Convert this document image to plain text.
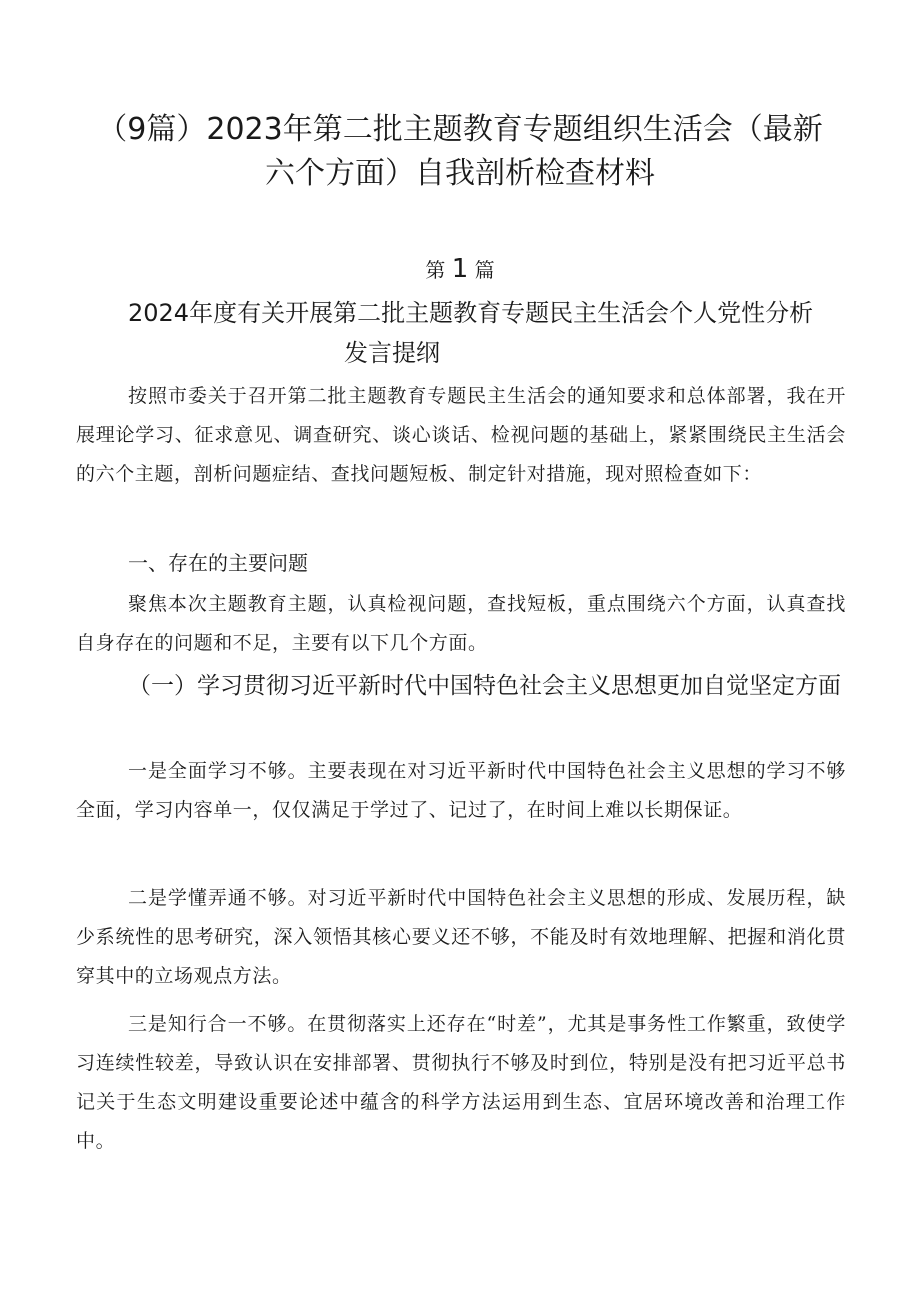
（9篇）2023年第二批主题教育专题组织生活会（最新
六个方面）自我剖析检查材料
第 1 篇
2024年度有关开展第二批主题教育专题民主生活会个人党性分析
发言提纲

按照市委关于召开第二批主题教育专题民主生活会的通知要求和总体部署，我在开展理论学习、征求意见、调查研究、谈心谈话、检视问题的基础上，紧紧围绕民主生活会的六个主题，剖析问题症结、查找问题短板、制定针对措施，现对照检查如下：

一、存在的主要问题

聚焦本次主题教育主题，认真检视问题，查找短板，重点围绕六个方面，认真查找自身存在的问题和不足，主要有以下几个方面。

（一）学习贯彻习近平新时代中国特色社会主义思想更加自觉坚定方面

一是全面学习不够。主要表现在对习近平新时代中国特色社会主义思想的学习不够全面，学习内容单一，仅仅满足于学过了、记过了，在时间上难以长期保证。

二是学懂弄通不够。对习近平新时代中国特色社会主义思想的形成、发展历程，缺少系统性的思考研究，深入领悟其核心要义还不够，不能及时有效地理解、把握和消化贯穿其中的立场观点方法。

三是知行合一不够。在贯彻落实上还存在“时差”，尤其是事务性工作繁重，致使学习连续性较差，导致认识在安排部署、贯彻执行不够及时到位，特别是没有把习近平总书记关于生态文明建设重要论述中蕴含的科学方法运用到生态、宜居环境改善和治理工作中。
